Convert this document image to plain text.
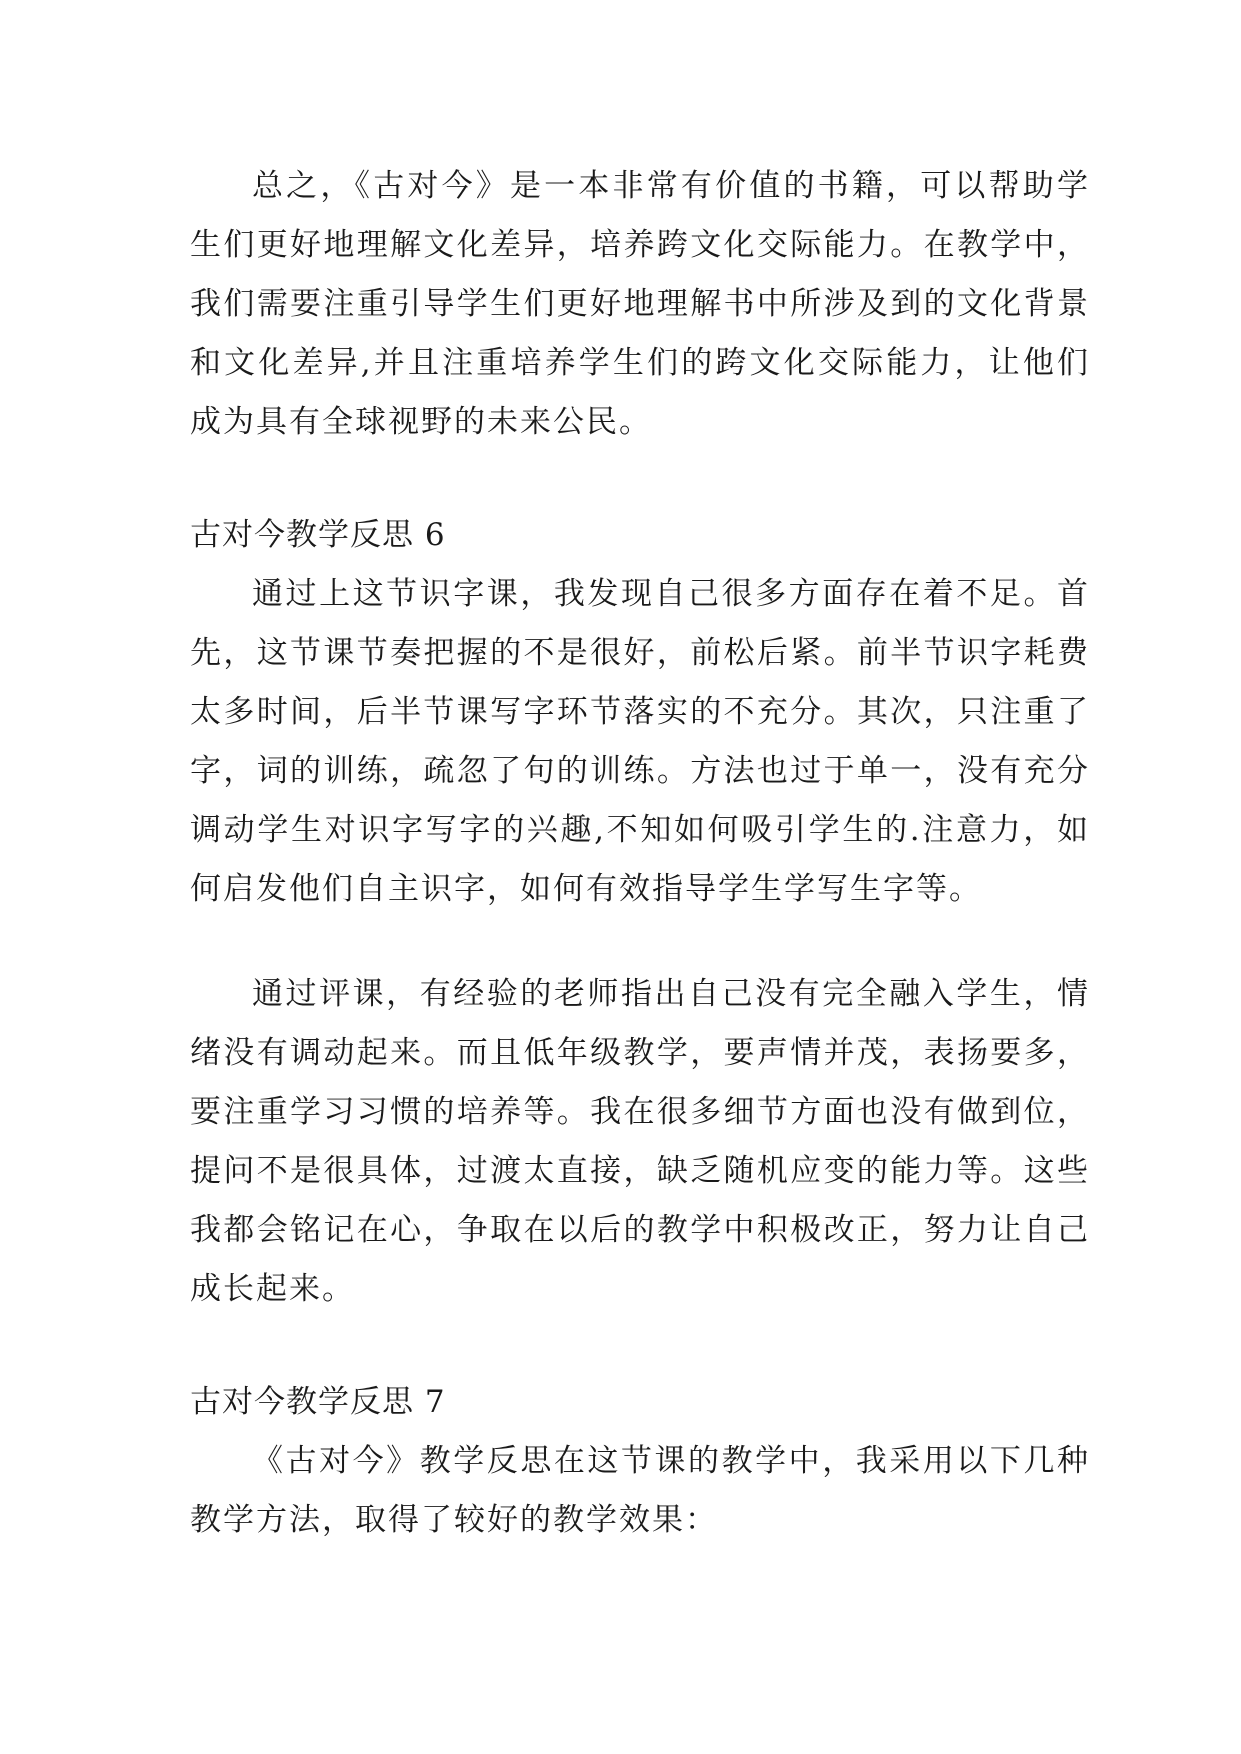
总之，《古对今》是一本非常有价值的书籍，可以帮助学生们更好地理解文化差异，培养跨文化交际能力。在教学中，我们需要注重引导学生们更好地理解书中所涉及到的文化背景和文化差异,并且注重培养学生们的跨文化交际能力，让他们成为具有全球视野的未来公民。

古对今教学反思 6

通过上这节识字课，我发现自己很多方面存在着不足。首先，这节课节奏把握的不是很好，前松后紧。前半节识字耗费太多时间，后半节课写字环节落实的不充分。其次，只注重了字，词的训练，疏忽了句的训练。方法也过于单一，没有充分调动学生对识字写字的兴趣,不知如何吸引学生的.注意力，如何启发他们自主识字，如何有效指导学生学写生字等。

通过评课，有经验的老师指出自己没有完全融入学生，情绪没有调动起来。而且低年级教学，要声情并茂，表扬要多，要注重学习习惯的培养等。我在很多细节方面也没有做到位，提问不是很具体，过渡太直接，缺乏随机应变的能力等。这些我都会铭记在心，争取在以后的教学中积极改正，努力让自己成长起来。

古对今教学反思 7

《古对今》教学反思在这节课的教学中，我采用以下几种教学方法，取得了较好的教学效果：
